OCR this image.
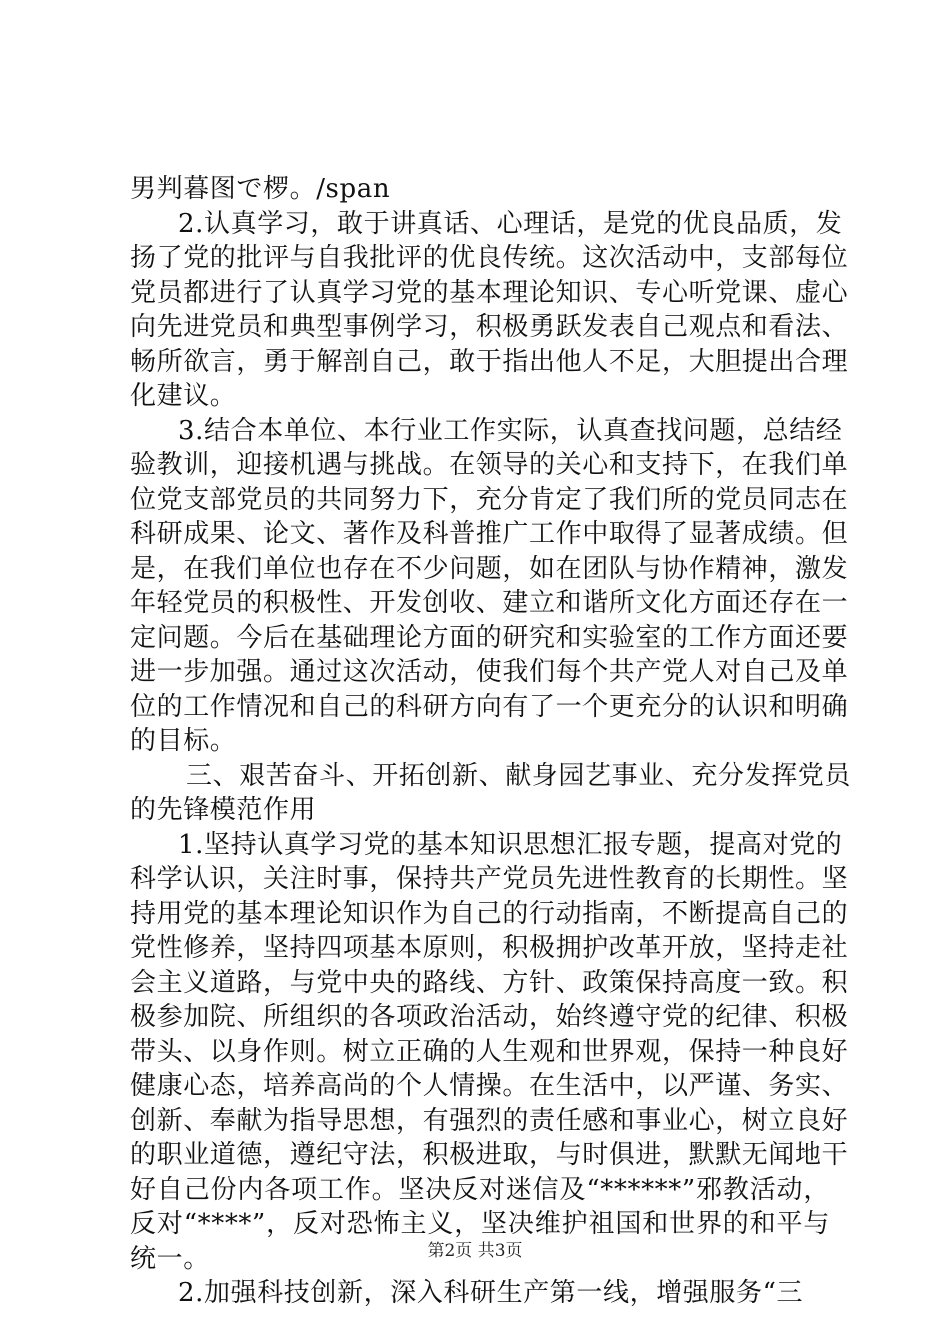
男判暮图で椤。/span
2.认真学习，敢于讲真话、心理话，是党的优良品质，发
扬了党的批评与自我批评的优良传统。这次活动中，支部每位
党员都进行了认真学习党的基本理论知识、专心听党课、虚心
向先进党员和典型事例学习，积极勇跃发表自己观点和看法、
畅所欲言，勇于解剖自己，敢于指出他人不足，大胆提出合理
化建议。
3.结合本单位、本行业工作实际，认真查找问题，总结经
验教训，迎接机遇与挑战。在领导的关心和支持下，在我们单
位党支部党员的共同努力下，充分肯定了我们所的党员同志在
科研成果、论文、著作及科普推广工作中取得了显著成绩。但
是，在我们单位也存在不少问题，如在团队与协作精神，激发
年轻党员的积极性、开发创收、建立和谐所文化方面还存在一
定问题。今后在基础理论方面的研究和实验室的工作方面还要
进一步加强。通过这次活动，使我们每个共产党人对自己及单
位的工作情况和自己的科研方向有了一个更充分的认识和明确
的目标。
三、艰苦奋斗、开拓创新、献身园艺事业、充分发挥党员
的先锋模范作用
1.坚持认真学习党的基本知识思想汇报专题，提高对党的
科学认识，关注时事，保持共产党员先进性教育的长期性。坚
持用党的基本理论知识作为自己的行动指南，不断提高自己的
党性修养，坚持四项基本原则，积极拥护改革开放，坚持走社
会主义道路，与党中央的路线、方针、政策保持高度一致。积
极参加院、所组织的各项政治活动，始终遵守党的纪律、积极
带头、以身作则。树立正确的人生观和世界观，保持一种良好
健康心态，培养高尚的个人情操。在生活中，以严谨、务实、
创新、奉献为指导思想，有强烈的责任感和事业心，树立良好
的职业道德，遵纪守法，积极进取，与时俱进，默默无闻地干
好自己份内各项工作。坚决反对迷信及“******”邪教活动，
反对“****”，反对恐怖主义，坚决维护祖国和世界的和平与
统一。
2.加强科技创新，深入科研生产第一线，增强服务“三
第2页 共3页
